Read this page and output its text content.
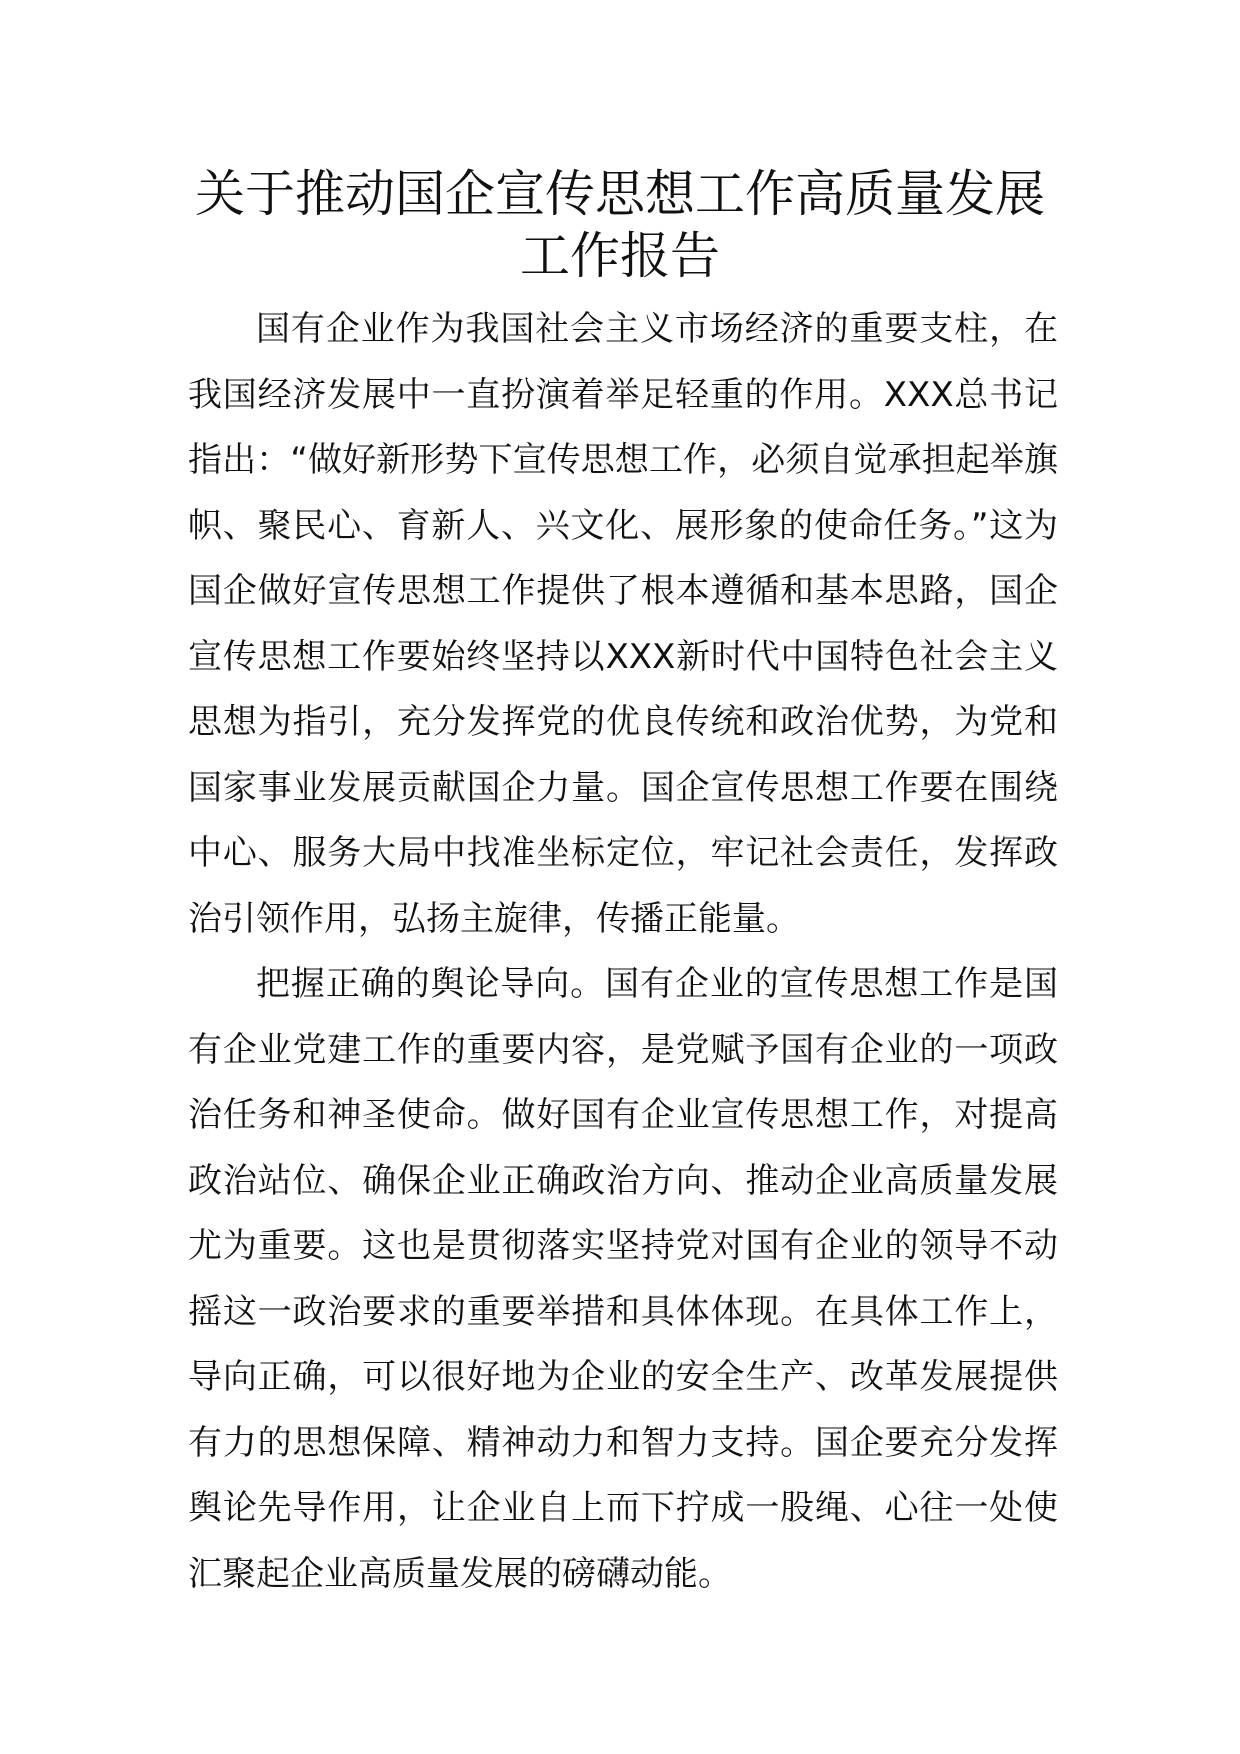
关于推动国企宣传思想工作高质量发展工作报告

国有企业作为我国社会主义市场经济的重要支柱，在我国经济发展中一直扮演着举足轻重的作用。XXX总书记指出：“做好新形势下宣传思想工作，必须自觉承担起举旗帜、聚民心、育新人、兴文化、展形象的使命任务。”这为国企做好宣传思想工作提供了根本遵循和基本思路，国企宣传思想工作要始终坚持以XXX新时代中国特色社会主义思想为指引，充分发挥党的优良传统和政治优势，为党和国家事业发展贡献国企力量。国企宣传思想工作要在围绕中心、服务大局中找准坐标定位，牢记社会责任，发挥政治引领作用，弘扬主旋律，传播正能量。

把握正确的舆论导向。国有企业的宣传思想工作是国有企业党建工作的重要内容，是党赋予国有企业的一项政治任务和神圣使命。做好国有企业宣传思想工作，对提高政治站位、确保企业正确政治方向、推动企业高质量发展尤为重要。这也是贯彻落实坚持党对国有企业的领导不动摇这一政治要求的重要举措和具体体现。在具体工作上，导向正确，可以很好地为企业的安全生产、改革发展提供有力的思想保障、精神动力和智力支持。国企要充分发挥舆论先导作用，让企业自上而下拧成一股绳、心往一处使汇聚起企业高质量发展的磅礴动能。
